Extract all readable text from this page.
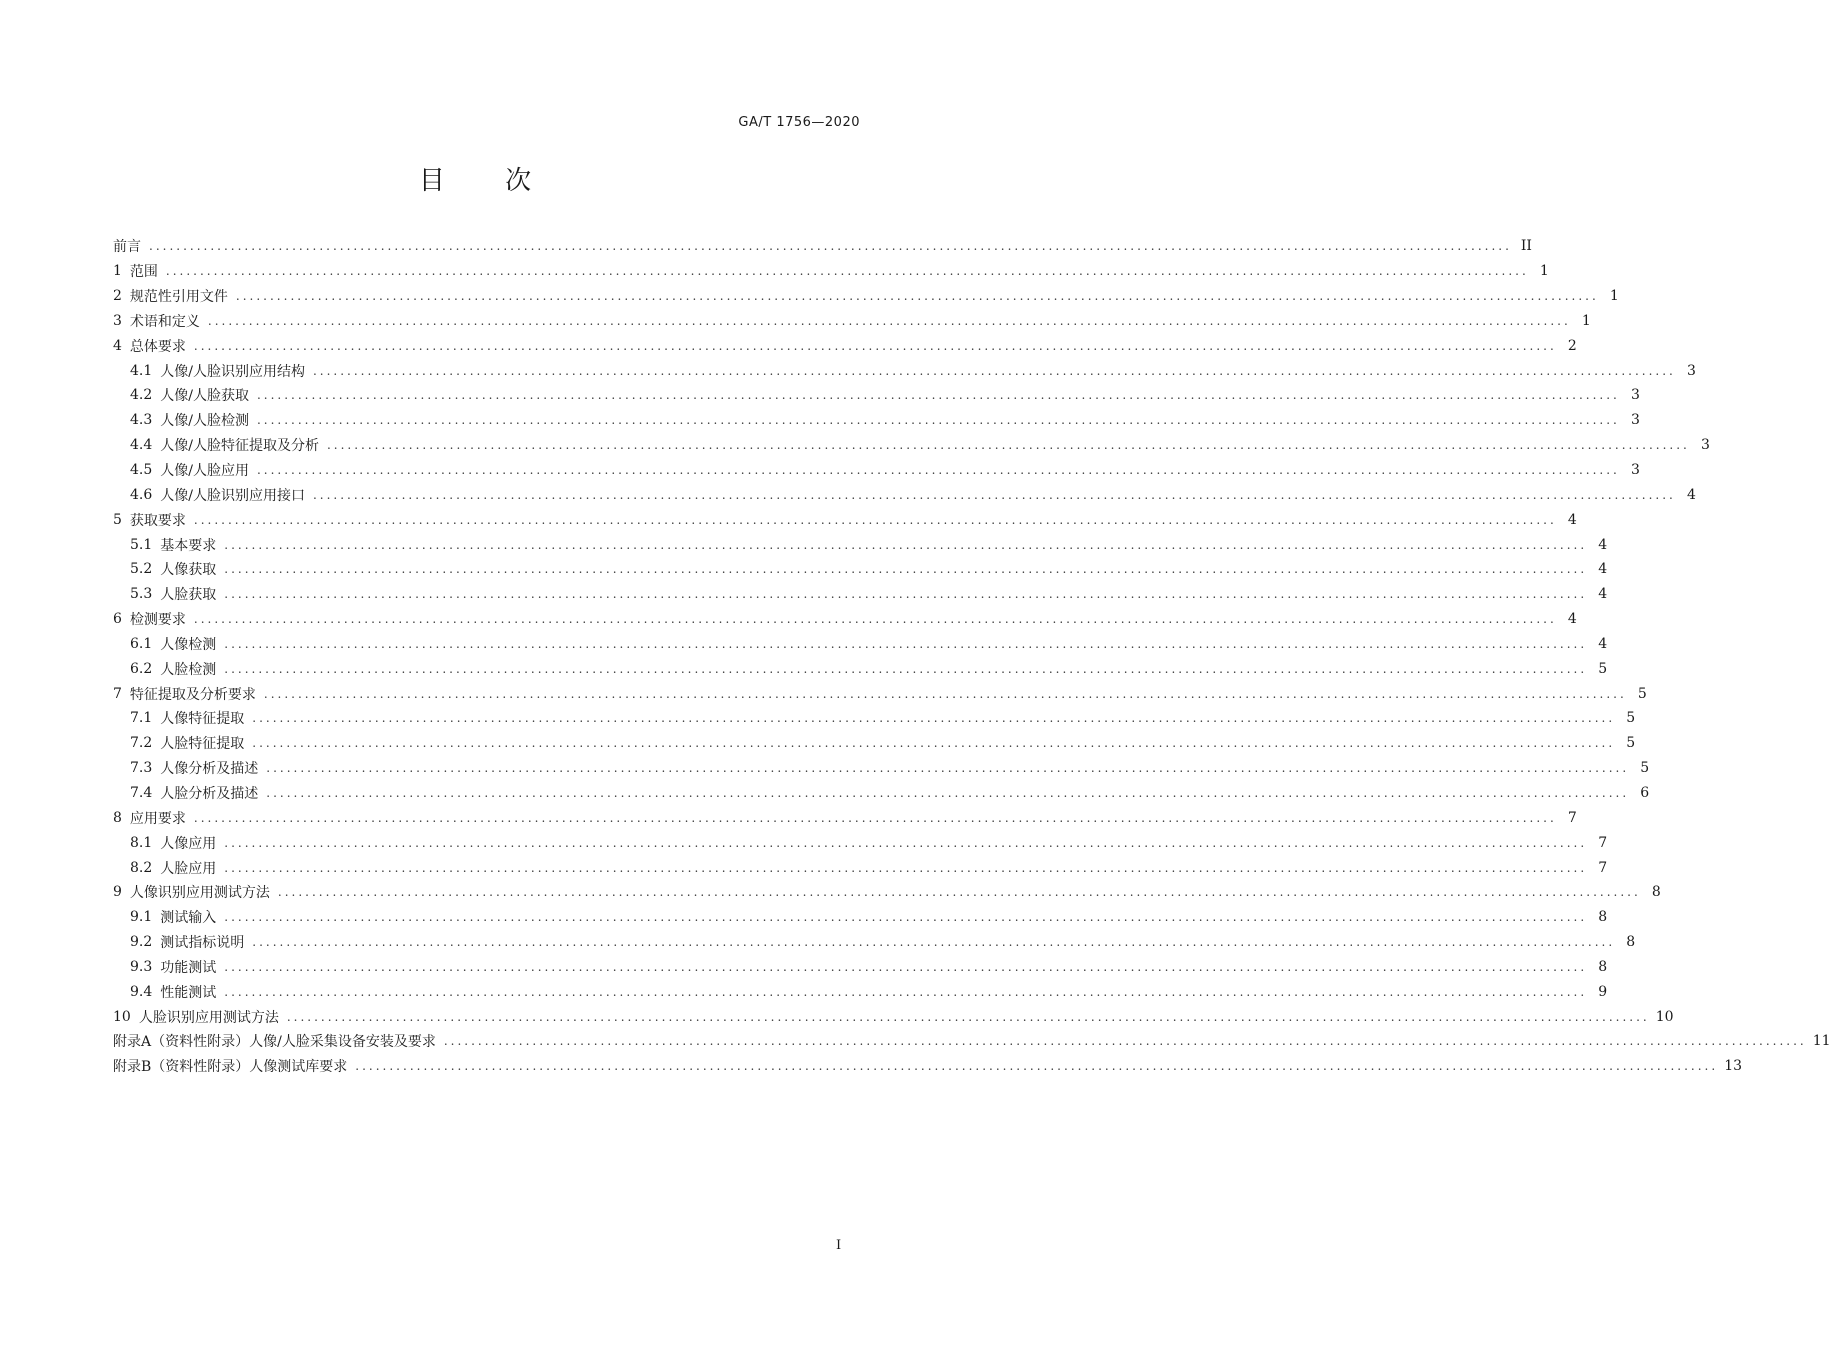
GA/T 1756—2020
目 次
前言 ........................................................................................................................................................................................................ II
1 范围 ........................................................................................................................................................................................................ 1
2 规范性引用文件 ........................................................................................................................................................................................................ 1
3 术语和定义 ........................................................................................................................................................................................................ 1
4 总体要求 ........................................................................................................................................................................................................ 2
4.1 人像/人脸识别应用结构 ........................................................................................................................................................................................................ 3
4.2 人像/人脸获取 ........................................................................................................................................................................................................ 3
4.3 人像/人脸检测 ........................................................................................................................................................................................................ 3
4.4 人像/人脸特征提取及分析 ........................................................................................................................................................................................................ 3
4.5 人像/人脸应用 ........................................................................................................................................................................................................ 3
4.6 人像/人脸识别应用接口 ........................................................................................................................................................................................................ 4
5 获取要求 ........................................................................................................................................................................................................ 4
5.1 基本要求 ........................................................................................................................................................................................................ 4
5.2 人像获取 ........................................................................................................................................................................................................ 4
5.3 人脸获取 ........................................................................................................................................................................................................ 4
6 检测要求 ........................................................................................................................................................................................................ 4
6.1 人像检测 ........................................................................................................................................................................................................ 4
6.2 人脸检测 ........................................................................................................................................................................................................ 5
7 特征提取及分析要求 ........................................................................................................................................................................................................ 5
7.1 人像特征提取 ........................................................................................................................................................................................................ 5
7.2 人脸特征提取 ........................................................................................................................................................................................................ 5
7.3 人像分析及描述 ........................................................................................................................................................................................................ 5
7.4 人脸分析及描述 ........................................................................................................................................................................................................ 6
8 应用要求 ........................................................................................................................................................................................................ 7
8.1 人像应用 ........................................................................................................................................................................................................ 7
8.2 人脸应用 ........................................................................................................................................................................................................ 7
9 人像识别应用测试方法 ........................................................................................................................................................................................................ 8
9.1 测试输入 ........................................................................................................................................................................................................ 8
9.2 测试指标说明 ........................................................................................................................................................................................................ 8
9.3 功能测试 ........................................................................................................................................................................................................ 8
9.4 性能测试 ........................................................................................................................................................................................................ 9
10 人脸识别应用测试方法 ........................................................................................................................................................................................................ 10
附录A（资料性附录）人像/人脸采集设备安装及要求 ........................................................................................................................................................................................................ 11
附录B（资料性附录）人像测试库要求 ........................................................................................................................................................................................................ 13
I
